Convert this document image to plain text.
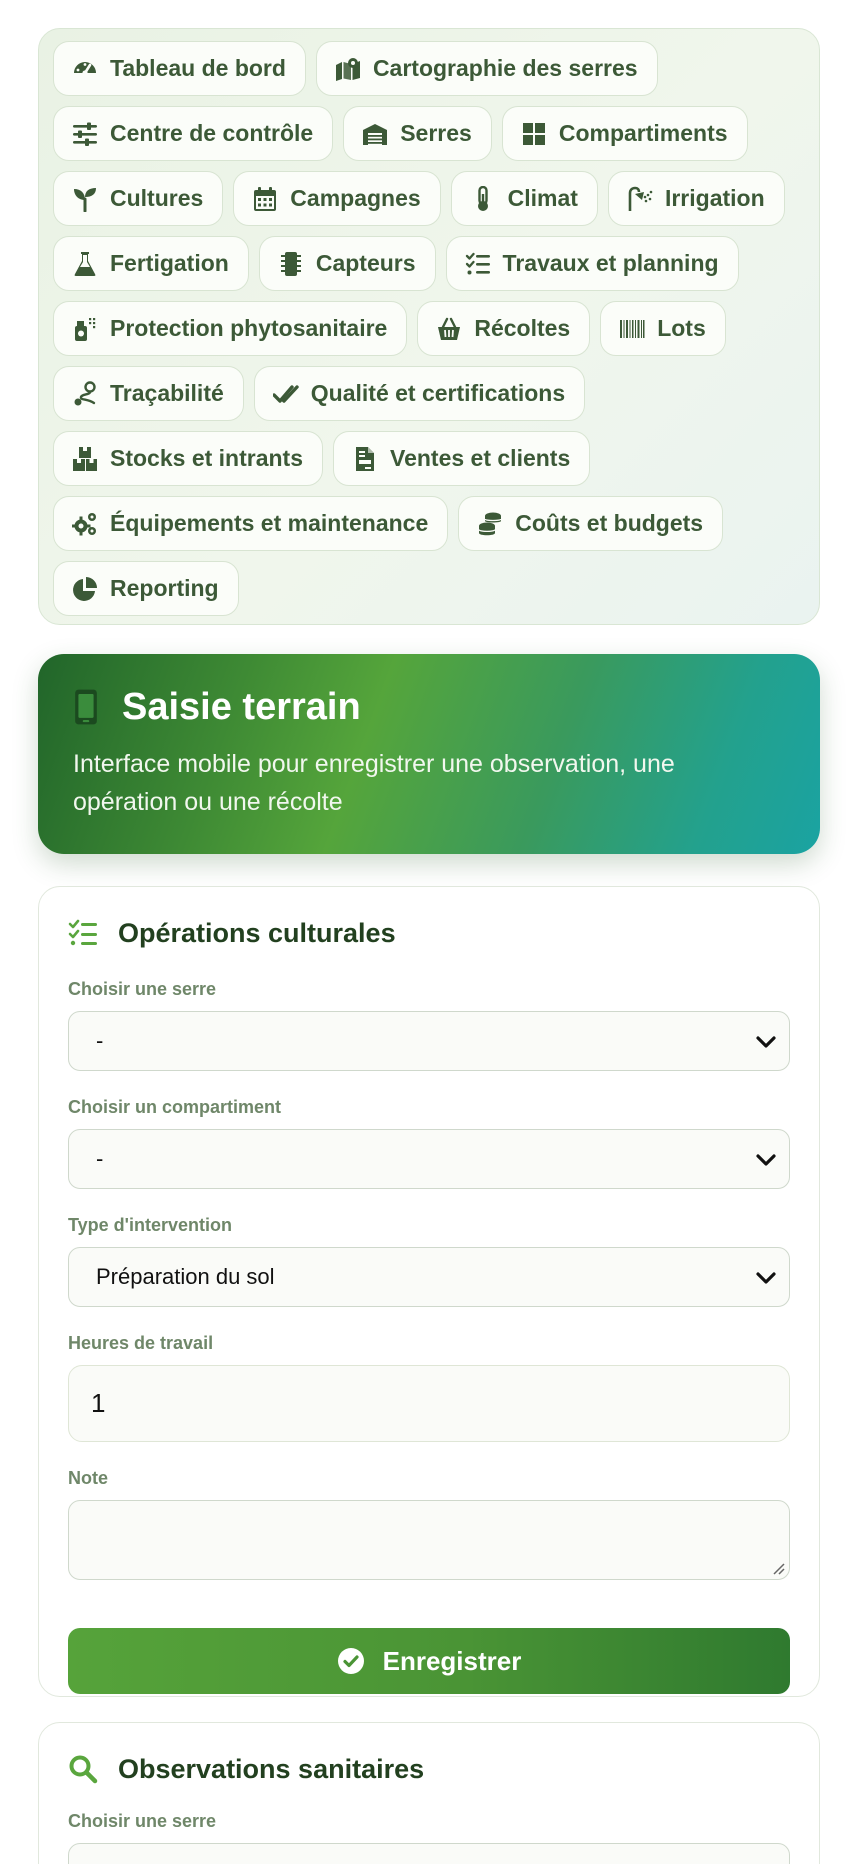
Tableau de bord	Cartographie des serres
Centre de contrôle	Serres	Compartiments
Cultures	Campagnes	Climat	Irrigation
Fertigation	Capteurs	Travaux et planning
Protection phytosanitaire	Récoltes	Lots
Traçabilité	Qualité et certifications
Stocks et intrants	Ventes et clients
Équipements et maintenance	Coûts et budgets
Reporting
Saisie terrain
Interface mobile pour enregistrer une observation, une opération ou une récolte
Opérations culturales
Choisir une serre
-
Choisir un compartiment
-
Type d'intervention
Préparation du sol
Heures de travail
1
Note
Enregistrer
Observations sanitaires
Choisir une serre
